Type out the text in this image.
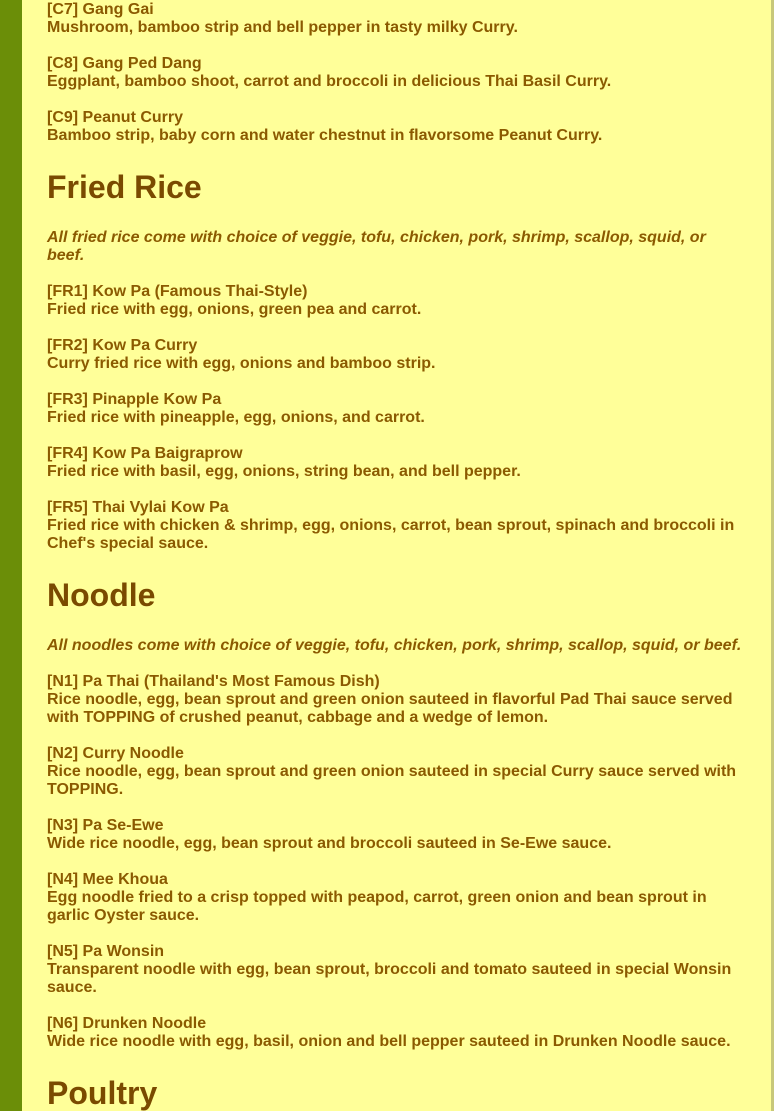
[C7] Gang Gai
Mushroom, bamboo strip and bell pepper in tasty milky Curry.
[C8] Gang Ped Dang
Eggplant, bamboo shoot, carrot and broccoli in delicious Thai Basil Curry.
[C9] Peanut Curry
Bamboo strip, baby corn and water chestnut in flavorsome Peanut Curry.
Fried Rice
All fried rice come with choice of veggie, tofu, chicken, pork, shrimp, scallop, squid, or beef.
[FR1] Kow Pa (Famous Thai-Style)
Fried rice with egg, onions, green pea and carrot.
[FR2] Kow Pa Curry
Curry fried rice with egg, onions and bamboo strip.
[FR3] Pinapple Kow Pa
Fried rice with pineapple, egg, onions, and carrot.
[FR4] Kow Pa Baigraprow
Fried rice with basil, egg, onions, string bean, and bell pepper.
[FR5] Thai Vylai Kow Pa
Fried rice with chicken & shrimp, egg, onions, carrot, bean sprout, spinach and broccoli in Chef's special sauce.
Noodle
All noodles come with choice of veggie, tofu, chicken, pork, shrimp, scallop, squid, or beef.
[N1] Pa Thai (Thailand's Most Famous Dish)
Rice noodle, egg, bean sprout and green onion sauteed in flavorful Pad Thai sauce served with TOPPING of crushed peanut, cabbage and a wedge of lemon.
[N2] Curry Noodle
Rice noodle, egg, bean sprout and green onion sauteed in special Curry sauce served with TOPPING.
[N3] Pa Se-Ewe
Wide rice noodle, egg, bean sprout and broccoli sauteed in Se-Ewe sauce.
[N4] Mee Khoua
Egg noodle fried to a crisp topped with peapod, carrot, green onion and bean sprout in garlic Oyster sauce.
[N5] Pa Wonsin
Transparent noodle with egg, bean sprout, broccoli and tomato sauteed in special Wonsin sauce.
[N6] Drunken Noodle
Wide rice noodle with egg, basil, onion and bell pepper sauteed in Drunken Noodle sauce.
Poultry
